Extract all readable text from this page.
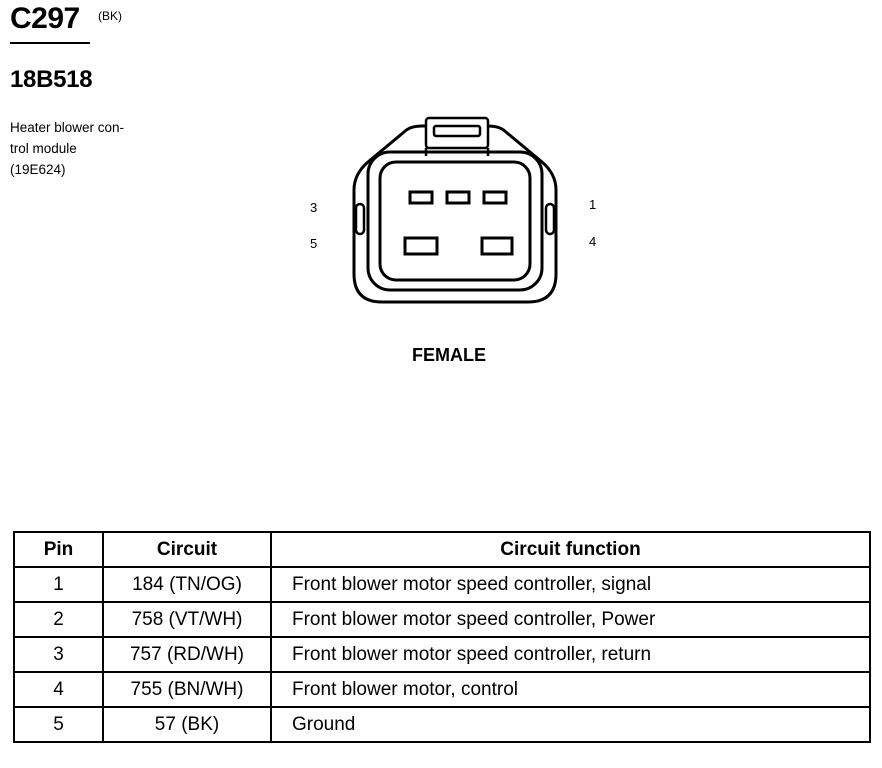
C297 (BK)
18B518
Heater blower con-
trol module
(19E624)
3
5
1
4
FEMALE
Pin	Circuit	Circuit function
1	184 (TN/OG)	Front blower motor speed controller, signal
2	758 (VT/WH)	Front blower motor speed controller, Power
3	757 (RD/WH)	Front blower motor speed controller, return
4	755 (BN/WH)	Front blower motor, control
5	57 (BK)	Ground
